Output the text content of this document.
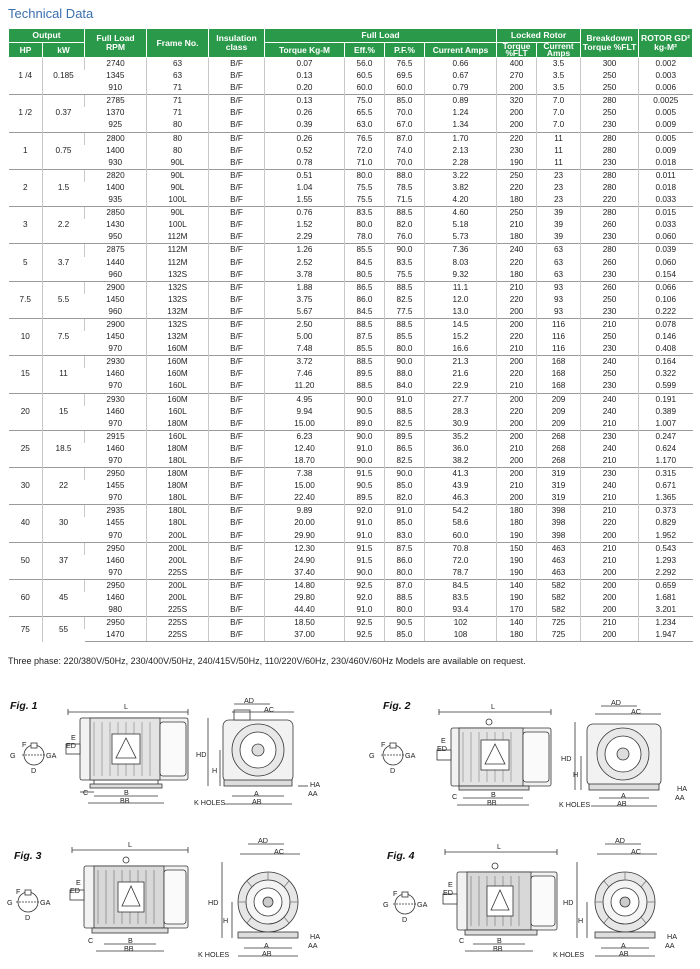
Technical Data
Output		Full Load RPM	Frame No.	Insulation class	Full Load				Locked Rotor		Breakdown Torque %FLT	ROTOR GD² kg-M²
HP	kW				Torque Kg-M	Eff.%	P.F.%	Current Amps	Torque %FLT	Current Amps		
1 /4	0.185	2740	63	B/F	0.07	56.0	76.5	0.66	400	3.5	300	0.002
		1345	63	B/F	0.13	60.5	69.5	0.67	270	3.5	250	0.003
		910	71	B/F	0.20	60.0	60.0	0.79	200	3.5	250	0.006
1 /2	0.37	2785	71	B/F	0.13	75.0	85.0	0.89	320	7.0	280	0.0025
		1370	71	B/F	0.26	65.5	70.0	1.24	200	7.0	250	0.005
		925	80	B/F	0.39	63.0	67.0	1.34	200	7.0	230	0.009
1	0.75	2800	80	B/F	0.26	76.5	87.0	1.70	220	11	280	0.005
		1400	80	B/F	0.52	72.0	74.0	2.13	230	11	280	0.009
		930	90L	B/F	0.78	71.0	70.0	2.28	190	11	230	0.018
2	1.5	2820	90L	B/F	0.51	80.0	88.0	3.22	250	23	280	0.011
		1400	90L	B/F	1.04	75.5	78.5	3.82	220	23	280	0.018
		935	100L	B/F	1.55	75.5	71.5	4.20	180	23	220	0.033
3	2.2	2850	90L	B/F	0.76	83.5	88.5	4.60	250	39	280	0.015
		1430	100L	B/F	1.52	80.0	82.0	5.18	210	39	260	0.033
		950	112M	B/F	2.29	78.0	76.0	5.73	180	39	230	0.060
5	3.7	2875	112M	B/F	1.26	85.5	90.0	7.36	240	63	280	0.039
		1440	112M	B/F	2.52	84.5	83.5	8.03	220	63	260	0.060
		960	132S	B/F	3.78	80.5	75.5	9.32	180	63	230	0.154
7.5	5.5	2900	132S	B/F	1.88	86.5	88.5	11.1	210	93	260	0.066
		1450	132S	B/F	3.75	86.0	82.5	12.0	220	93	250	0.106
		960	132M	B/F	5.67	84.5	77.5	13.0	200	93	230	0.222
10	7.5	2900	132S	B/F	2.50	88.5	88.5	14.5	200	116	210	0.078
		1450	132M	B/F	5.00	87.5	85.5	15.2	220	116	250	0.146
		970	160M	B/F	7.48	85.5	80.0	16.6	210	116	230	0.408
15	11	2930	160M	B/F	3.72	88.5	90.0	21.3	200	168	240	0.164
		1460	160M	B/F	7.46	89.5	88.0	21.6	220	168	250	0.322
		970	160L	B/F	11.20	88.5	84.0	22.9	210	168	230	0.599
20	15	2930	160M	B/F	4.95	90.0	91.0	27.7	200	209	240	0.191
		1460	160L	B/F	9.94	90.5	88.5	28.3	220	209	240	0.389
		970	180M	B/F	15.00	89.0	82.5	30.9	200	209	210	1.007
25	18.5	2915	160L	B/F	6.23	90.0	89.5	35.2	200	268	230	0.247
		1460	180M	B/F	12.40	91.0	86.5	36.0	210	268	240	0.624
		970	180L	B/F	18.70	90.0	82.5	38.2	200	268	210	1.170
30	22	2950	180M	B/F	7.38	91.5	90.0	41.3	200	319	230	0.315
		1455	180M	B/F	15.00	90.5	85.0	43.9	210	319	240	0.671
		970	180L	B/F	22.40	89.5	82.0	46.3	200	319	210	1.365
40	30	2935	180L	B/F	9.89	92.0	91.0	54.2	180	398	210	0.373
		1455	180L	B/F	20.00	91.0	85.0	58.6	180	398	220	0.829
		970	200L	B/F	29.90	91.0	83.0	60.0	190	398	200	1.952
50	37	2950	200L	B/F	12.30	91.5	87.5	70.8	150	463	210	0.543
		1460	200L	B/F	24.90	91.5	86.0	72.0	190	463	210	1.293
		970	225S	B/F	37.40	90.0	80.0	78.7	190	463	200	2.292
60	45	2950	200L	B/F	14.80	92.5	87.0	84.5	140	582	200	0.659
		1460	200L	B/F	29.80	92.0	88.5	83.5	190	582	200	1.681
		980	225S	B/F	44.40	91.0	80.0	93.4	170	582	200	3.201
75	55	2950	225S	B/F	18.50	92.5	90.5	102	140	725	210	1.234
		1470	225S	B/F	37.00	92.5	85.0	108	180	725	200	1.947
Three phase: 220/380V/50Hz, 230/400V/50Hz, 240/415V/50Hz, 110/220V/60Hz, 230/460V/60Hz Models are available on request.
Fig. 1
F
G	GA
D
L
E
ED
C	B
BB
AD
AC
HD
H
HA
AA
A
AB
K HOLES
Fig. 2
F
G	GA
D
L
E
ED
C	B
BB
AD
AC
HD
H
HA
AA
A
AB
K HOLES
Fig. 3
F
G	GA
D
L
E
ED
C	B
BB
AD
AC
HD
H
HA
AA
A
AB
K HOLES
Fig. 4
F
G	GA
D
L
E
ED
C	B
BB
AD
AC
HD
H
HA
AA
A
AB
K HOLES
